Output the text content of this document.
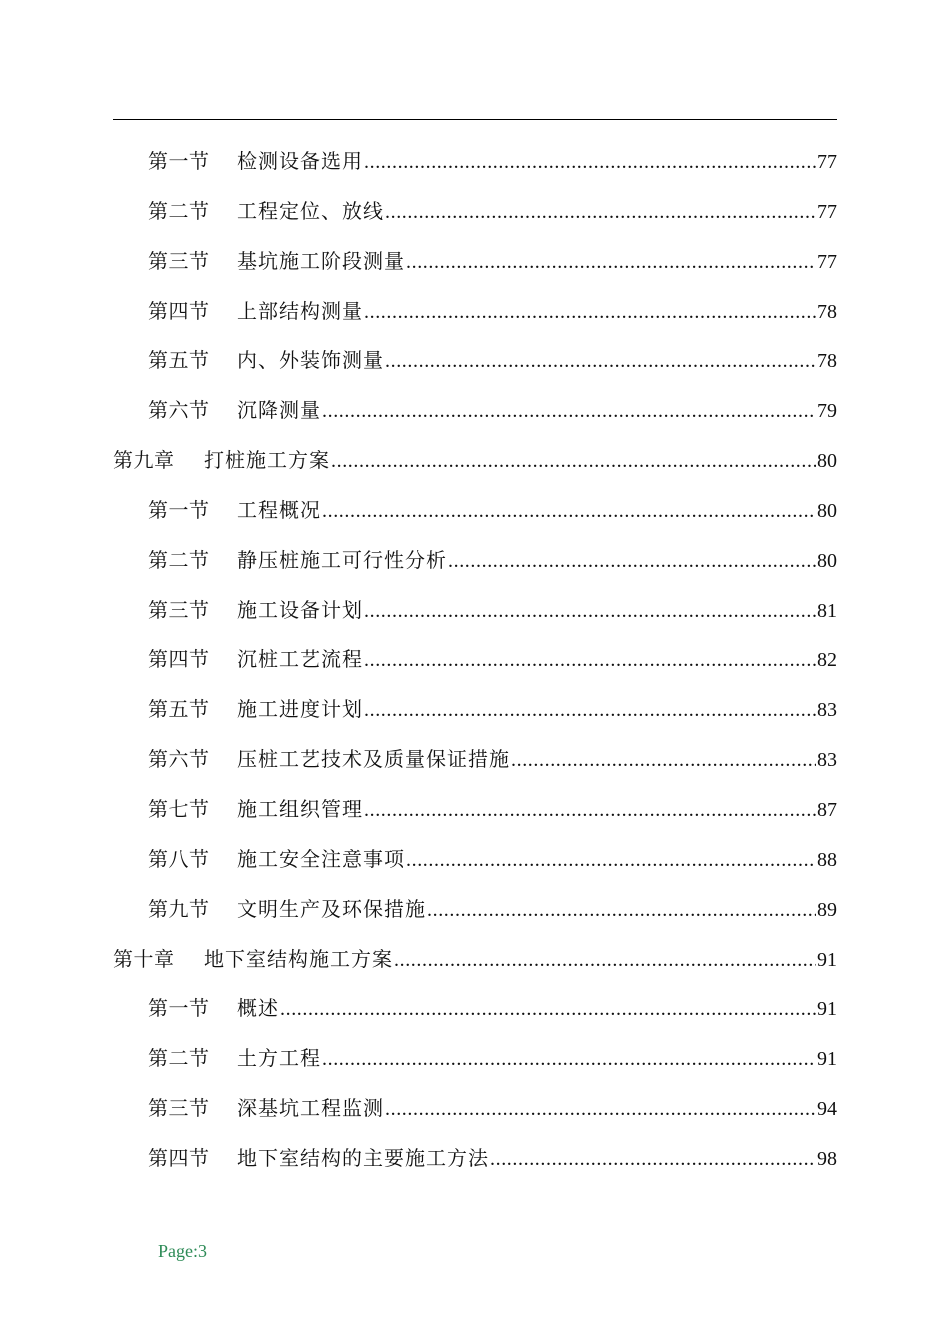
第一节	检测设备选用 .....	77
第二节	工程定位、放线 .....	77
第三节	基坑施工阶段测量 .....	77
第四节	上部结构测量 .....	78
第五节	内、外装饰测量 .....	78
第六节	沉降测量 .....	79
第九章	打桩施工方案 .....	80
第一节	工程概况 .....	80
第二节	静压桩施工可行性分析 .....	80
第三节	施工设备计划 .....	81
第四节	沉桩工艺流程 .....	82
第五节	施工进度计划 .....	83
第六节	压桩工艺技术及质量保证措施 .....	83
第七节	施工组织管理 .....	87
第八节	施工安全注意事项 .....	88
第九节	文明生产及环保措施 .....	89
第十章	地下室结构施工方案 .....	91
第一节	概述 .....	91
第二节	土方工程 .....	91
第三节	深基坑工程监测 .....	94
第四节	地下室结构的主要施工方法 .....	98
Page:3
